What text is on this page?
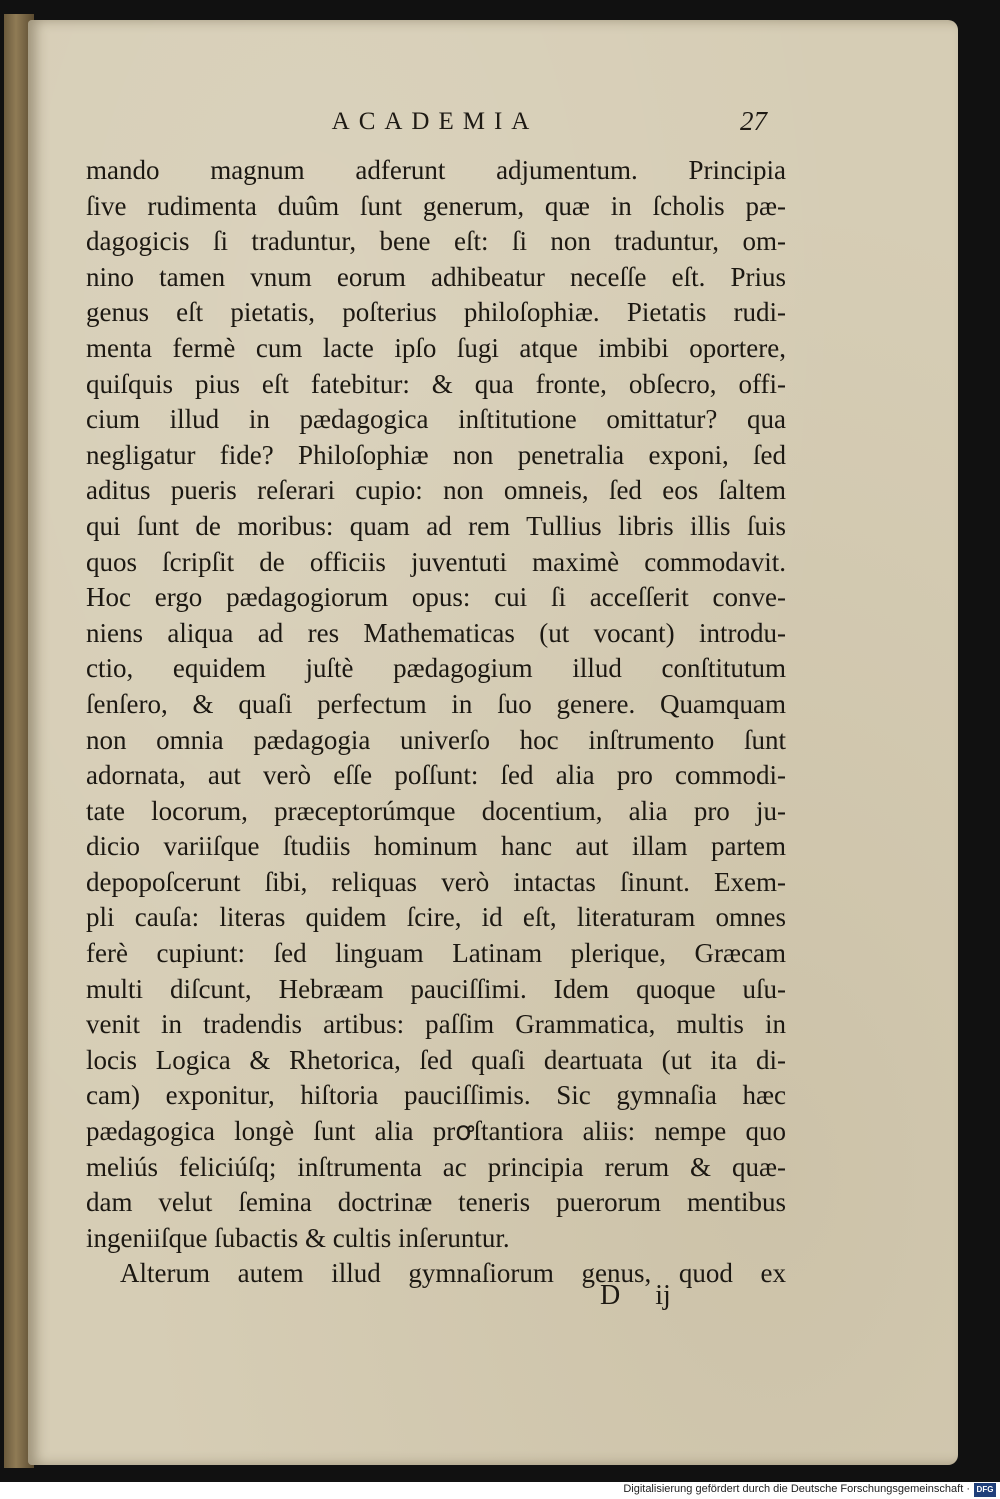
ACADEMIA	27
mando magnum adferunt adjumentum. Principia
ſive rudimenta duûm ſunt generum, quæ in ſcholis pæ-
dagogicis ſi traduntur, bene eſt: ſi non traduntur, om-
nino tamen vnum eorum adhibeatur neceſſe eſt. Prius
genus eſt pietatis, poſterius philoſophiæ. Pietatis rudi-
menta fermè cum lacte ipſo ſugi atque imbibi oportere,
quiſquis pius eſt fatebitur: & qua fronte, obſecro, offi-
cium illud in pædagogica inſtitutione omittatur? qua
negligatur fide? Philoſophiæ non penetralia exponi, ſed
aditus pueris reſerari cupio: non omneis, ſed eos ſaltem
qui ſunt de moribus: quam ad rem Tullius libris illis ſuis
quos ſcripſit de officiis juventuti maximè commodavit.
Hoc ergo pædagogiorum opus: cui ſi acceſſerit conve-
niens aliqua ad res Mathematicas (ut vocant) introdu-
ctio, equidem juſtè pædagogium illud conſtitutum
ſenſero, & quaſi perfectum in ſuo genere. Quamquam
non omnia pædagogia univerſo hoc inſtrumento ſunt
adornata, aut verò eſſe poſſunt: ſed alia pro commodi-
tate locorum, præceptorúmque docentium, alia pro ju-
dicio variiſque ſtudiis hominum hanc aut illam partem
depopoſcerunt ſibi, reliquas verò intactas ſinunt. Exem-
pli cauſa: literas quidem ſcire, id eſt, literaturam omnes
ferè cupiunt: ſed linguam Latinam plerique, Græcam
multi diſcunt, Hebræam pauciſſimi. Idem quoque uſu-
venit in tradendis artibus: paſſim Grammatica, multis in
locis Logica & Rhetorica, ſed quaſi deartuata (ut ita di-
cam) exponitur, hiſtoria pauciſſimis. Sic gymnaſia hæc
pædagogica longè ſunt alia prꝍſtantiora aliis: nempe quo
meliús feliciúſq; inſtrumenta ac principia rerum & quæ-
dam velut ſemina doctrinæ teneris puerorum mentibus
ingeniiſque ſubactis & cultis inſeruntur.
Alterum autem illud gymnaſiorum genus, quod ex
D ij
Digitalisierung gefördert durch die Deutsche Forschungsgemeinschaft · DFG
